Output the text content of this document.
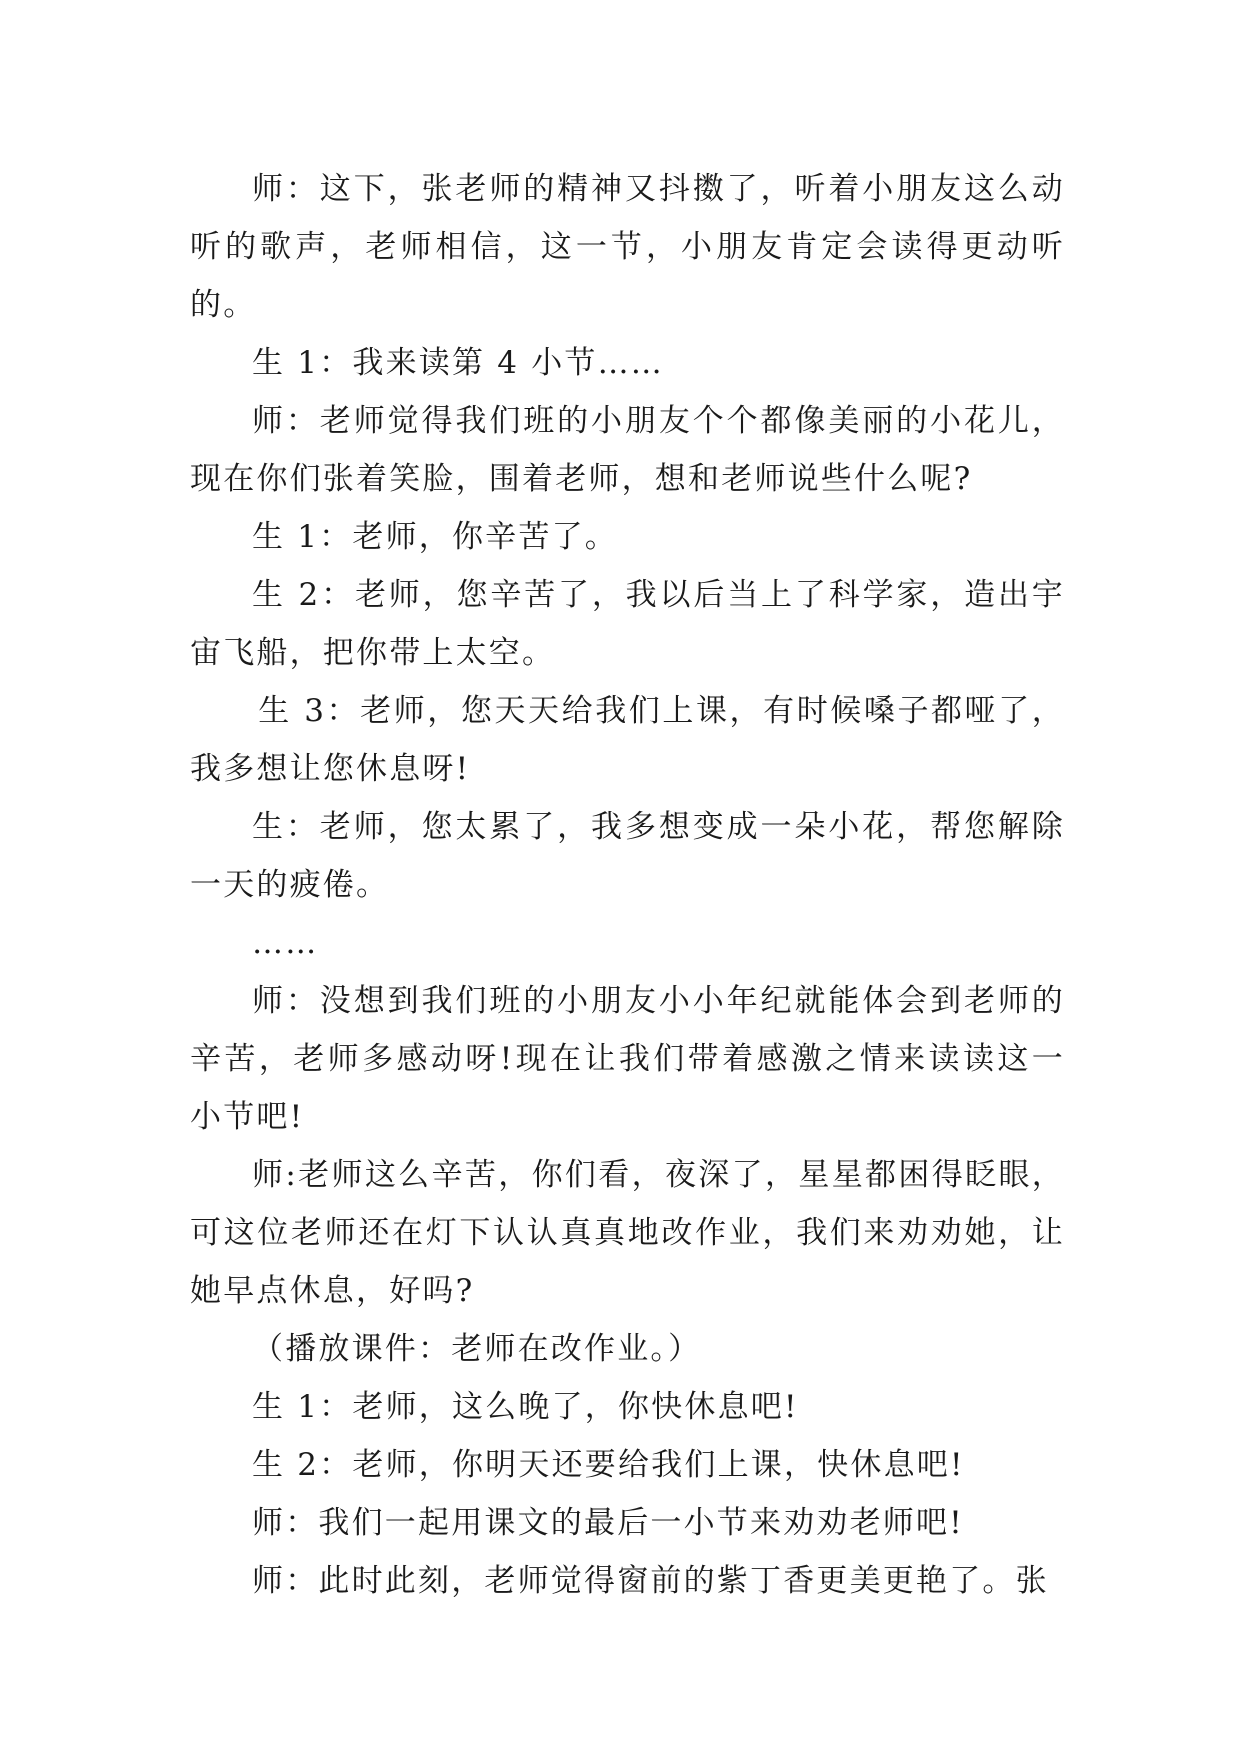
师：这下，张老师的精神又抖擞了，听着小朋友这么动听的歌声，老师相信，这一节，小朋友肯定会读得更动听的。

生 1：我来读第 4 小节……

师：老师觉得我们班的小朋友个个都像美丽的小花儿，现在你们张着笑脸，围着老师，想和老师说些什么呢?

生 1：老师，你辛苦了。

生 2：老师，您辛苦了，我以后当上了科学家，造出宇宙飞船，把你带上太空。

生 3：老师，您天天给我们上课，有时候嗓子都哑了，我多想让您休息呀!

生：老师，您太累了，我多想变成一朵小花，帮您解除一天的疲倦。

……

师：没想到我们班的小朋友小小年纪就能体会到老师的辛苦，老师多感动呀!现在让我们带着感激之情来读读这一小节吧!

师:老师这么辛苦，你们看，夜深了，星星都困得眨眼，可这位老师还在灯下认认真真地改作业，我们来劝劝她，让她早点休息，好吗?

（播放课件：老师在改作业。）

生 1：老师，这么晚了，你快休息吧!

生 2：老师，你明天还要给我们上课，快休息吧!

师：我们一起用课文的最后一小节来劝劝老师吧!

师：此时此刻，老师觉得窗前的紫丁香更美更艳了。张
